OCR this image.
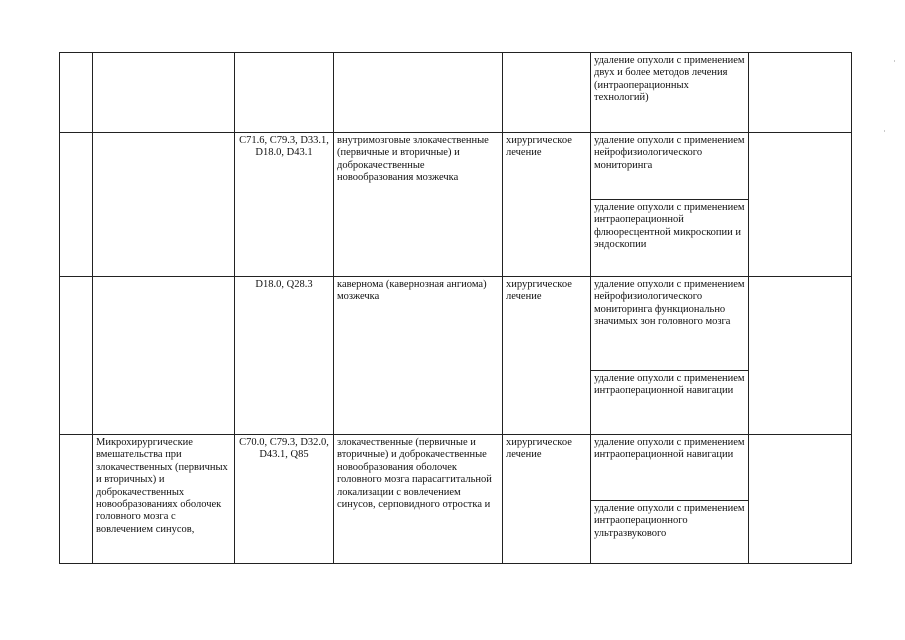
					удаление опухоли с применением двух и более методов лечения (интраоперационных технологий)	
		C71.6, C79.3, D33.1, D18.0, D43.1	внутримозговые злокачественные (первичные и вторичные) и доброкачественные новообразования мозжечка	хирургическое лечение	удаление опухоли с применением нейрофизиологического мониторинга	
					удаление опухоли с применением интраоперационной флюоресцентной микроскопии и эндоскопии	
		D18.0, Q28.3	кавернома (кавернозная ангиома) мозжечка	хирургическое лечение	удаление опухоли с применением нейрофизиологического мониторинга функционально значимых зон головного мозга	
					удаление опухоли с применением интраоперационной навигации	
	Микрохирургические вмешательства при злокачественных (первичных и вторичных) и доброкачественных новообразованиях оболочек головного мозга с вовлечением синусов,	C70.0, C79.3, D32.0, D43.1, Q85	злокачественные (первичные и вторичные) и доброкачественные новообразования оболочек головного мозга парасаггитальной локализации с вовлечением синусов, серповидного отростка и	хирургическое лечение	удаление опухоли с применением интраоперационной навигации	
					удаление опухоли с применением интраоперационного ультразвукового	
